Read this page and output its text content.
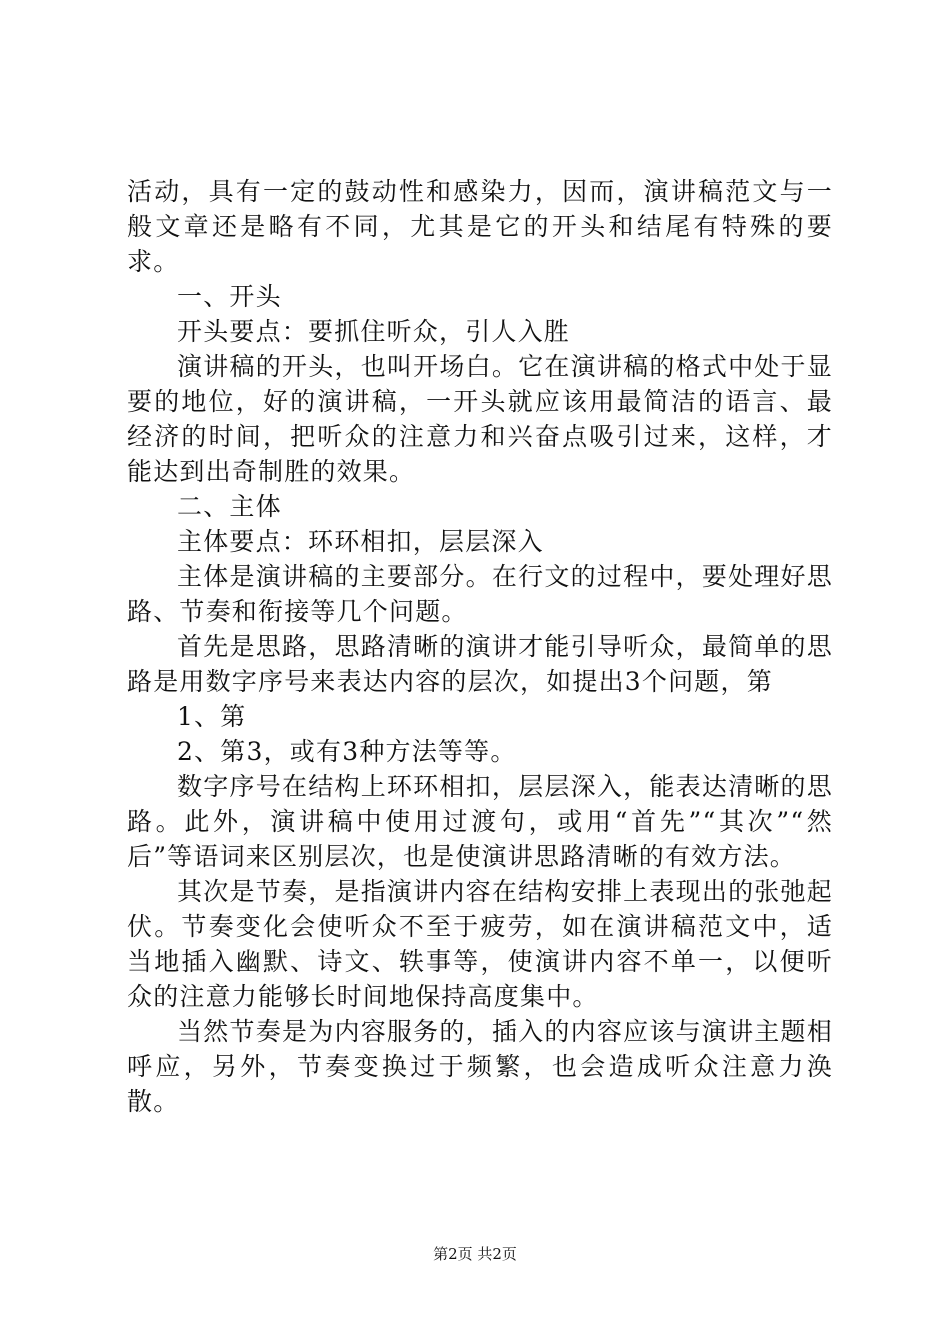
活动，具有一定的鼓动性和感染力，因而，演讲稿范文与一般文章还是略有不同，尤其是它的开头和结尾有特殊的要求。

一、开头

开头要点：要抓住听众，引人入胜

演讲稿的开头，也叫开场白。它在演讲稿的格式中处于显要的地位，好的演讲稿，一开头就应该用最简洁的语言、最经济的时间，把听众的注意力和兴奋点吸引过来，这样，才能达到出奇制胜的效果。

二、主体

主体要点：环环相扣，层层深入

主体是演讲稿的主要部分。在行文的过程中，要处理好思路、节奏和衔接等几个问题。

首先是思路，思路清晰的演讲才能引导听众，最简单的思路是用数字序号来表达内容的层次，如提出3个问题，第

1、第

2、第3，或有3种方法等等。

数字序号在结构上环环相扣，层层深入，能表达清晰的思路。此外，演讲稿中使用过渡句，或用“首先”“其次”“然后”等语词来区别层次，也是使演讲思路清晰的有效方法。

其次是节奏，是指演讲内容在结构安排上表现出的张弛起伏。节奏变化会使听众不至于疲劳，如在演讲稿范文中，适当地插入幽默、诗文、轶事等，使演讲内容不单一，以便听众的注意力能够长时间地保持高度集中。

当然节奏是为内容服务的，插入的内容应该与演讲主题相呼应，另外，节奏变换过于频繁，也会造成听众注意力涣散。

第2页 共2页
